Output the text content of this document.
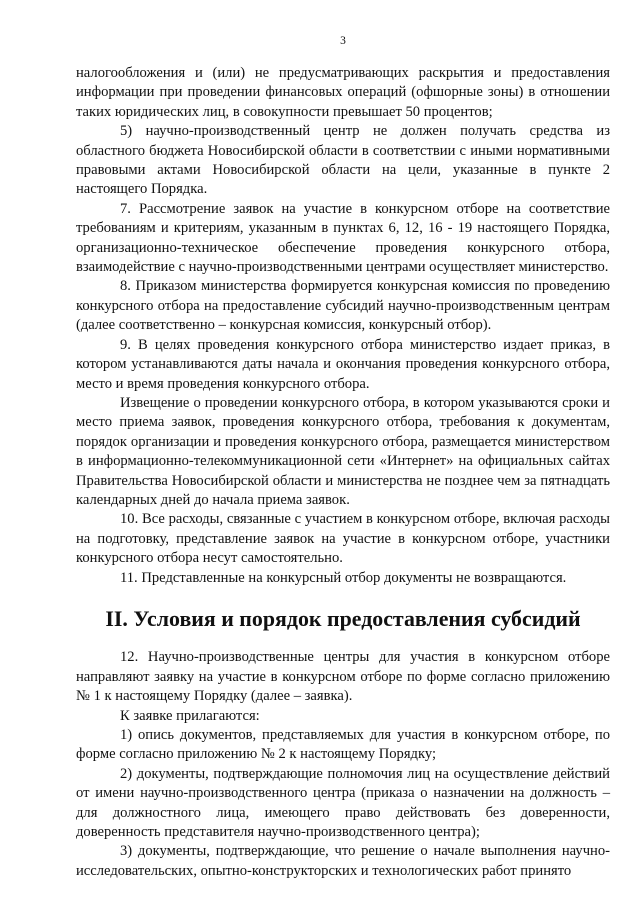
3

налогообложения и (или) не предусматривающих раскрытия и предоставления информации при проведении финансовых операций (офшорные зоны) в отношении таких юридических лиц, в совокупности превышает 50 процентов;

5) научно-производственный центр не должен получать средства из областного бюджета Новосибирской области в соответствии с иными нормативными правовыми актами Новосибирской области на цели, указанные в пункте 2 настоящего Порядка.

7. Рассмотрение заявок на участие в конкурсном отборе на соответствие требованиям и критериям, указанным в пунктах 6, 12, 16 - 19 настоящего Порядка, организационно-техническое обеспечение проведения конкурсного отбора, взаимодействие с научно-производственными центрами осуществляет министерство.

8. Приказом министерства формируется конкурсная комиссия по проведению конкурсного отбора на предоставление субсидий научно-производственным центрам (далее соответственно – конкурсная комиссия, конкурсный отбор).

9. В целях проведения конкурсного отбора министерство издает приказ, в котором устанавливаются даты начала и окончания проведения конкурсного отбора, место и время проведения конкурсного отбора.

Извещение о проведении конкурсного отбора, в котором указываются сроки и место приема заявок, проведения конкурсного отбора, требования к документам, порядок организации и проведения конкурсного отбора, размещается министерством в информационно-телекоммуникационной сети «Интернет» на официальных сайтах Правительства Новосибирской области и министерства не позднее чем за пятнадцать календарных дней до начала приема заявок.

10. Все расходы, связанные с участием в конкурсном отборе, включая расходы на подготовку, представление заявок на участие в конкурсном отборе, участники конкурсного отбора несут самостоятельно.

11. Представленные на конкурсный отбор документы не возвращаются.

II. Условия и порядок предоставления субсидий

12. Научно-производственные центры для участия в конкурсном отборе направляют заявку на участие в конкурсном отборе по форме согласно приложению № 1 к настоящему Порядку (далее – заявка).

К заявке прилагаются:

1) опись документов, представляемых для участия в конкурсном отборе, по форме согласно приложению № 2 к настоящему Порядку;

2) документы, подтверждающие полномочия лиц на осуществление действий от имени научно-производственного центра (приказа о назначении на должность – для должностного лица, имеющего право действовать без доверенности, доверенность представителя научно-производственного центра);

3) документы, подтверждающие, что решение о начале выполнения научно-исследовательских, опытно-конструкторских и технологических работ принято
